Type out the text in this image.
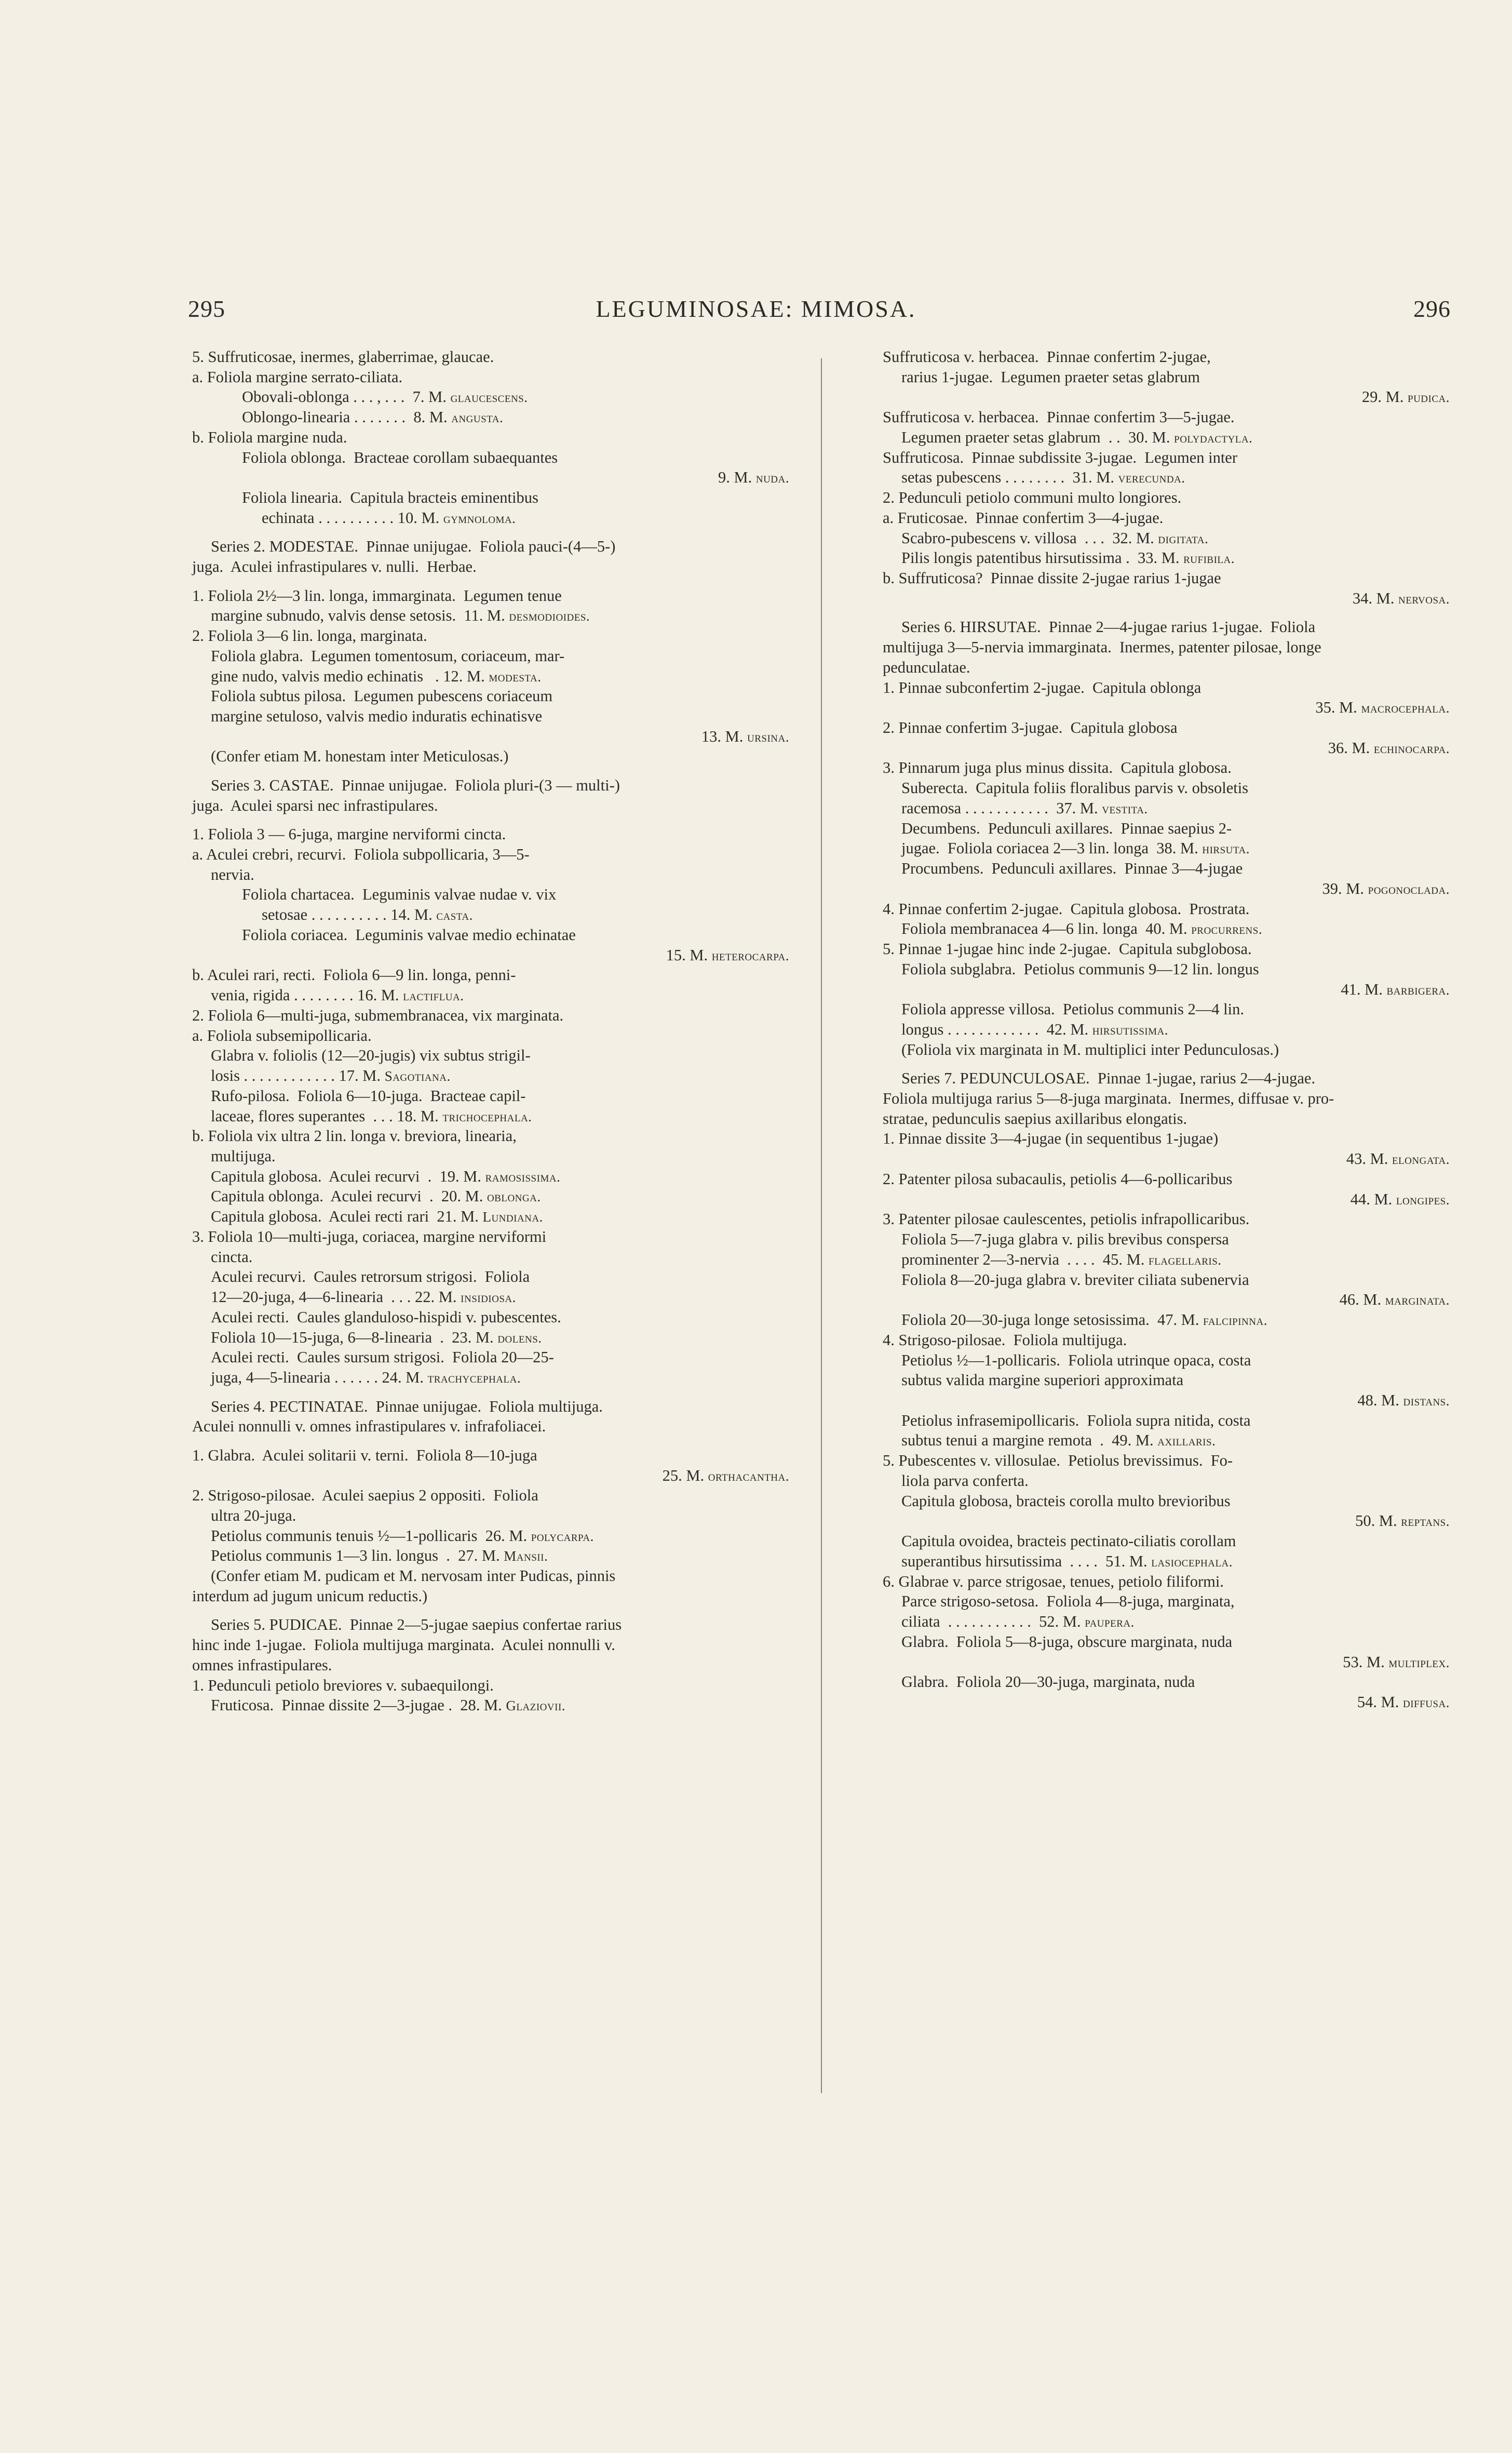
295	LEGUMINOSAE: MIMOSA.	296
5. Suffruticosae, inermes, glaberrimae, glaucae.
a. Foliola margine serrato-ciliata.
Obovali-oblonga . . . , . . .  7. M. glaucescens.
Oblongo-linearia . . . . . . .  8. M. angusta.
b. Foliola margine nuda.
Foliola oblonga.  Bracteae corollam subaequantes
9. M. nuda.
Foliola linearia.  Capitula bracteis eminentibus
echinata . . . . . . . . . . 10. M. gymnoloma.
Series 2. MODESTAE.  Pinnae unijugae.  Foliola pauci-(4—5-)
juga.  Aculei infrastipulares v. nulli.  Herbae.
1. Foliola 2½—3 lin. longa, immarginata.  Legumen tenue
margine subnudo, valvis dense setosis.  11. M. desmodioides.
2. Foliola 3—6 lin. longa, marginata.
Foliola glabra.  Legumen tomentosum, coriaceum, mar-
gine nudo, valvis medio echinatis   . 12. M. modesta.
Foliola subtus pilosa.  Legumen pubescens coriaceum
margine setuloso, valvis medio induratis echinatisve
13. M. ursina.
(Confer etiam M. honestam inter Meticulosas.)
Series 3. CASTAE.  Pinnae unijugae.  Foliola pluri-(3 — multi-)
juga.  Aculei sparsi nec infrastipulares.
1. Foliola 3 — 6-juga, margine nerviformi cincta.
a. Aculei crebri, recurvi.  Foliola subpollicaria, 3—5-
nervia.
Foliola chartacea.  Leguminis valvae nudae v. vix
setosae . . . . . . . . . . 14. M. casta.
Foliola coriacea.  Leguminis valvae medio echinatae
15. M. heterocarpa.
b. Aculei rari, recti.  Foliola 6—9 lin. longa, penni-
venia, rigida . . . . . . . . 16. M. lactiflua.
2. Foliola 6—multi-juga, submembranacea, vix marginata.
a. Foliola subsemipollicaria.
Glabra v. foliolis (12—20-jugis) vix subtus strigil-
losis . . . . . . . . . . . . 17. M. Sagotiana.
Rufo-pilosa.  Foliola 6—10-juga.  Bracteae capil-
laceae, flores superantes  . . . 18. M. trichocephala.
b. Foliola vix ultra 2 lin. longa v. breviora, linearia,
multijuga.
Capitula globosa.  Aculei recurvi  .  19. M. ramosissima.
Capitula oblonga.  Aculei recurvi  .  20. M. oblonga.
Capitula globosa.  Aculei recti rari  21. M. Lundiana.
3. Foliola 10—multi-juga, coriacea, margine nerviformi
cincta.
Aculei recurvi.  Caules retrorsum strigosi.  Foliola
12—20-juga, 4—6-linearia  . . . 22. M. insidiosa.
Aculei recti.  Caules glanduloso-hispidi v. pubescentes.
Foliola 10—15-juga, 6—8-linearia  .  23. M. dolens.
Aculei recti.  Caules sursum strigosi.  Foliola 20—25-
juga, 4—5-linearia . . . . . . 24. M. trachycephala.
Series 4. PECTINATAE.  Pinnae unijugae.  Foliola multijuga.
Aculei nonnulli v. omnes infrastipulares v. infrafoliacei.
1. Glabra.  Aculei solitarii v. terni.  Foliola 8—10-juga
25. M. orthacantha.
2. Strigoso-pilosae.  Aculei saepius 2 oppositi.  Foliola
ultra 20-juga.
Petiolus communis tenuis ½—1-pollicaris  26. M. polycarpa.
Petiolus communis 1—3 lin. longus  .  27. M. Mansii.
(Confer etiam M. pudicam et M. nervosam inter Pudicas, pinnis
interdum ad jugum unicum reductis.)
Series 5. PUDICAE.  Pinnae 2—5-jugae saepius confertae rarius
hinc inde 1-jugae.  Foliola multijuga marginata.  Aculei nonnulli v.
omnes infrastipulares.
1. Pedunculi petiolo breviores v. subaequilongi.
Fruticosa.  Pinnae dissite 2—3-jugae .  28. M. Glaziovii.
Suffruticosa v. herbacea.  Pinnae confertim 2-jugae,
rarius 1-jugae.  Legumen praeter setas glabrum
29. M. pudica.
Suffruticosa v. herbacea.  Pinnae confertim 3—5-jugae.
Legumen praeter setas glabrum  . .  30. M. polydactyla.
Suffruticosa.  Pinnae subdissite 3-jugae.  Legumen inter
setas pubescens . . . . . . . .  31. M. verecunda.
2. Pedunculi petiolo communi multo longiores.
a. Fruticosae.  Pinnae confertim 3—4-jugae.
Scabro-pubescens v. villosa  . . .  32. M. digitata.
Pilis longis patentibus hirsutissima .  33. M. rufibila.
b. Suffruticosa?  Pinnae dissite 2-jugae rarius 1-jugae
34. M. nervosa.
Series 6. HIRSUTAE.  Pinnae 2—4-jugae rarius 1-jugae.  Foliola
multijuga 3—5-nervia immarginata.  Inermes, patenter pilosae, longe
pedunculatae.
1. Pinnae subconfertim 2-jugae.  Capitula oblonga
35. M. macrocephala.
2. Pinnae confertim 3-jugae.  Capitula globosa
36. M. echinocarpa.
3. Pinnarum juga plus minus dissita.  Capitula globosa.
Suberecta.  Capitula foliis floralibus parvis v. obsoletis
racemosa . . . . . . . . . . .  37. M. vestita.
Decumbens.  Pedunculi axillares.  Pinnae saepius 2-
jugae.  Foliola coriacea 2—3 lin. longa  38. M. hirsuta.
Procumbens.  Pedunculi axillares.  Pinnae 3—4-jugae
39. M. pogonoclada.
4. Pinnae confertim 2-jugae.  Capitula globosa.  Prostrata.
Foliola membranacea 4—6 lin. longa  40. M. procurrens.
5. Pinnae 1-jugae hinc inde 2-jugae.  Capitula subglobosa.
Foliola subglabra.  Petiolus communis 9—12 lin. longus
41. M. barbigera.
Foliola appresse villosa.  Petiolus communis 2—4 lin.
longus . . . . . . . . . . . .  42. M. hirsutissima.
(Foliola vix marginata in M. multiplici inter Pedunculosas.)
Series 7. PEDUNCULOSAE.  Pinnae 1-jugae, rarius 2—4-jugae.
Foliola multijuga rarius 5—8-juga marginata.  Inermes, diffusae v. pro-
stratae, pedunculis saepius axillaribus elongatis.
1. Pinnae dissite 3—4-jugae (in sequentibus 1-jugae)
43. M. elongata.
2. Patenter pilosa subacaulis, petiolis 4—6-pollicaribus
44. M. longipes.
3. Patenter pilosae caulescentes, petiolis infrapollicaribus.
Foliola 5—7-juga glabra v. pilis brevibus conspersa
prominenter 2—3-nervia  . . . .  45. M. flagellaris.
Foliola 8—20-juga glabra v. breviter ciliata subenervia
46. M. marginata.
Foliola 20—30-juga longe setosissima.  47. M. falcipinna.
4. Strigoso-pilosae.  Foliola multijuga.
Petiolus ½—1-pollicaris.  Foliola utrinque opaca, costa
subtus valida margine superiori approximata
48. M. distans.
Petiolus infrasemipollicaris.  Foliola supra nitida, costa
subtus tenui a margine remota  .  49. M. axillaris.
5. Pubescentes v. villosulae.  Petiolus brevissimus.  Fo-
liola parva conferta.
Capitula globosa, bracteis corolla multo brevioribus
50. M. reptans.
Capitula ovoidea, bracteis pectinato-ciliatis corollam
superantibus hirsutissima  . . . .  51. M. lasiocephala.
6. Glabrae v. parce strigosae, tenues, petiolo filiformi.
Parce strigoso-setosa.  Foliola 4—8-juga, marginata,
ciliata  . . . . . . . . . . .  52. M. paupera.
Glabra.  Foliola 5—8-juga, obscure marginata, nuda
53. M. multiplex.
Glabra.  Foliola 20—30-juga, marginata, nuda
54. M. diffusa.
